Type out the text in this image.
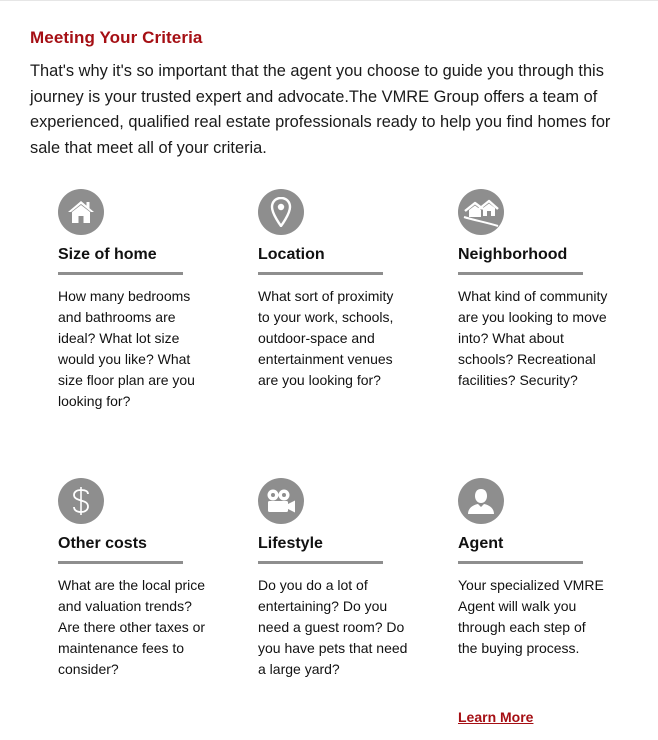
Meeting Your Criteria

That's why it's so important that the agent you choose to guide you through this journey is your trusted expert and advocate.The VMRE Group offers a team of experienced, qualified real estate professionals ready to help you find homes for sale that meet all of your criteria.

Size of home

How many bedrooms and bathrooms are ideal? What lot size would you like? What size floor plan are you looking for?

Location

What sort of proximity to your work, schools, outdoor-space and entertainment venues are you looking for?

Neighborhood

What kind of community are you looking to move into? What about schools? Recreational facilities? Security?

Other costs

What are the local price and valuation trends? Are there other taxes or maintenance fees to consider?

Lifestyle

Do you do a lot of entertaining? Do you need a guest room? Do you have pets that need a large yard?

Agent

Your specialized VMRE Agent will walk you through each step of the buying process.

Learn More
